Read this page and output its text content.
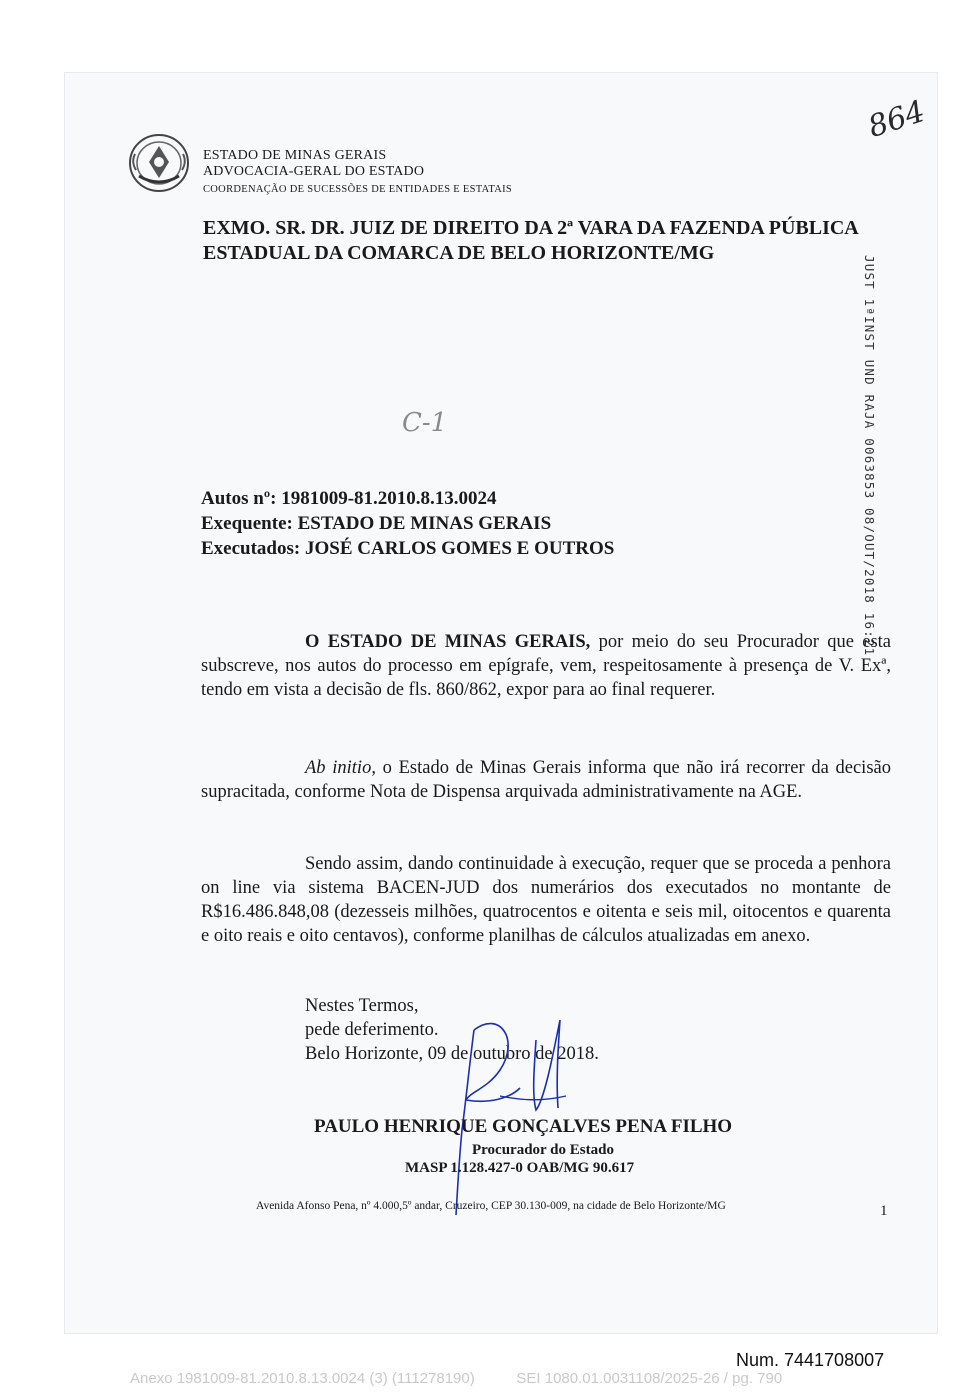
ESTADO DE MINAS GERAIS
ADVOCACIA-GERAL DO ESTADO
COORDENAÇÃO DE SUCESSÕES DE ENTIDADES E ESTATAIS
864
EXMO. SR. DR. JUIZ DE DIREITO DA 2ª VARA DA FAZENDA PÚBLICA
ESTADUAL DA COMARCA DE BELO HORIZONTE/MG
JUST 1ªINST UND RAJA 0063853 08/OUT/2018 16:21
C-1
Autos nº: 1981009-81.2010.8.13.0024
Exequente: ESTADO DE MINAS GERAIS
Executados: JOSÉ CARLOS GOMES E OUTROS
O ESTADO DE MINAS GERAIS, por meio do seu Procurador que esta subscreve, nos autos do processo em epígrafe, vem, respeitosamente à presença de V. Exª, tendo em vista a decisão de fls. 860/862, expor para ao final requerer.
Ab initio, o Estado de Minas Gerais informa que não irá recorrer da decisão supracitada, conforme Nota de Dispensa arquivada administrativamente na AGE.
Sendo assim, dando continuidade à execução, requer que se proceda a penhora on line via sistema BACEN-JUD dos numerários dos executados no montante de R$16.486.848,08 (dezesseis milhões, quatrocentos e oitenta e seis mil, oitocentos e quarenta e oito reais e oito centavos), conforme planilhas de cálculos atualizadas em anexo.
Nestes Termos,
pede deferimento.
Belo Horizonte, 09 de outubro de 2018.
PAULO HENRIQUE GONÇALVES PENA FILHO
Procurador do Estado
MASP 1.128.427-0 OAB/MG 90.617
Avenida Afonso Pena, nº 4.000,5º andar, Cruzeiro, CEP 30.130-009, na cidade de Belo Horizonte/MG	1
Num. 7441708007
Anexo 1981009-81.2010.8.13.0024 (3) (111278190)          SEI 1080.01.0031108/2025-26 / pg. 790
